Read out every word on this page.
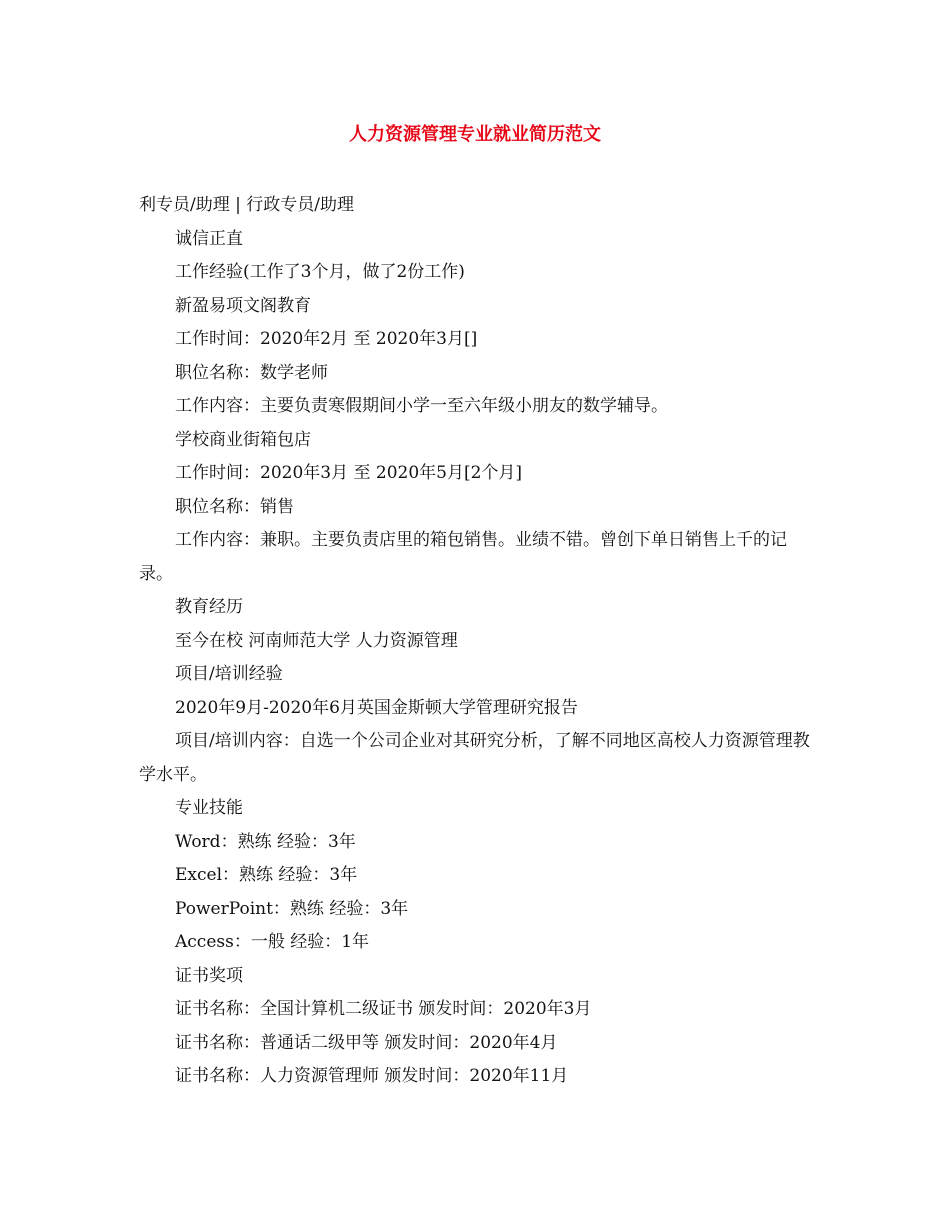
人力资源管理专业就业简历范文

利专员/助理 | 行政专员/助理

诚信正直

工作经验(工作了3个月，做了2份工作)

新盈易项文阁教育

工作时间：2020年2月 至 2020年3月[]

职位名称：数学老师

工作内容：主要负责寒假期间小学一至六年级小朋友的数学辅导。

学校商业街箱包店

工作时间：2020年3月 至 2020年5月[2个月]

职位名称：销售

工作内容：兼职。主要负责店里的箱包销售。业绩不错。曾创下单日销售上千的记录。

教育经历

至今在校 河南师范大学 人力资源管理

项目/培训经验

2020年9月-2020年6月英国金斯顿大学管理研究报告

项目/培训内容：自选一个公司企业对其研究分析，了解不同地区高校人力资源管理教学水平。

专业技能

Word：熟练 经验：3年

Excel：熟练 经验：3年

PowerPoint：熟练 经验：3年

Access：一般 经验：1年

证书奖项

证书名称：全国计算机二级证书 颁发时间：2020年3月

证书名称：普通话二级甲等 颁发时间：2020年4月

证书名称：人力资源管理师 颁发时间：2020年11月
